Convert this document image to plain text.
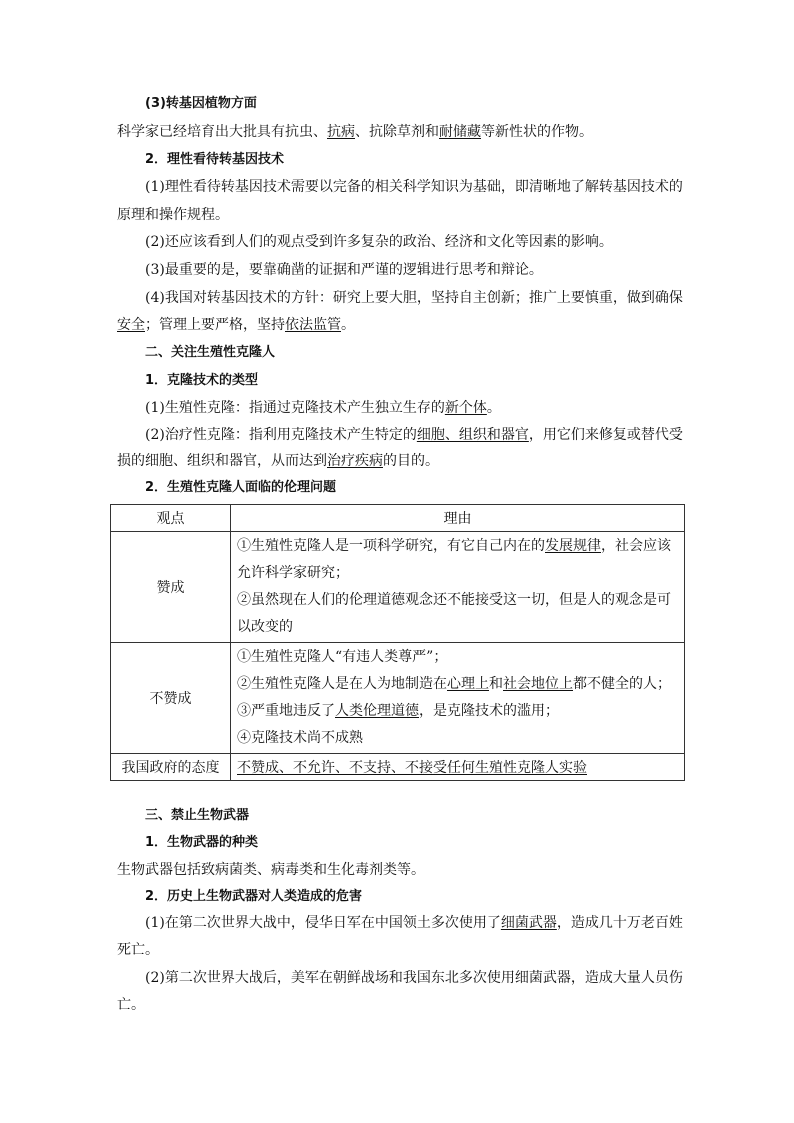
(3)转基因植物方面
科学家已经培育出大批具有抗虫、抗病、抗除草剂和耐储藏等新性状的作物。
2．理性看待转基因技术
(1)理性看待转基因技术需要以完备的相关科学知识为基础，即清晰地了解转基因技术的
原理和操作规程。
(2)还应该看到人们的观点受到许多复杂的政治、经济和文化等因素的影响。
(3)最重要的是，要靠确凿的证据和严谨的逻辑进行思考和辩论。
(4)我国对转基因技术的方针：研究上要大胆，坚持自主创新；推广上要慎重，做到确保
安全；管理上要严格，坚持依法监管。
二、关注生殖性克隆人
1．克隆技术的类型
(1)生殖性克隆：指通过克隆技术产生独立生存的新个体。
(2)治疗性克隆：指利用克隆技术产生特定的细胞、组织和器官，用它们来修复或替代受
损的细胞、组织和器官，从而达到治疗疾病的目的。
2．生殖性克隆人面临的伦理问题
观点	理由
赞成	①生殖性克隆人是一项科学研究，有它自己内在的发展规律，社会应该
允许科学家研究；
②虽然现在人们的伦理道德观念还不能接受这一切，但是人的观念是可
以改变的

不赞成	①生殖性克隆人“有违人类尊严”；
②生殖性克隆人是在人为地制造在心理上和社会地位上都不健全的人；
③严重地违反了人类伦理道德，是克隆技术的滥用；
④克隆技术尚不成熟

我国政府的态度	不赞成、不允许、不支持、不接受任何生殖性克隆人实验
三、禁止生物武器
1．生物武器的种类
生物武器包括致病菌类、病毒类和生化毒剂类等。
2．历史上生物武器对人类造成的危害
(1)在第二次世界大战中，侵华日军在中国领土多次使用了细菌武器，造成几十万老百姓
死亡。
(2)第二次世界大战后，美军在朝鲜战场和我国东北多次使用细菌武器，造成大量人员伤
亡。
